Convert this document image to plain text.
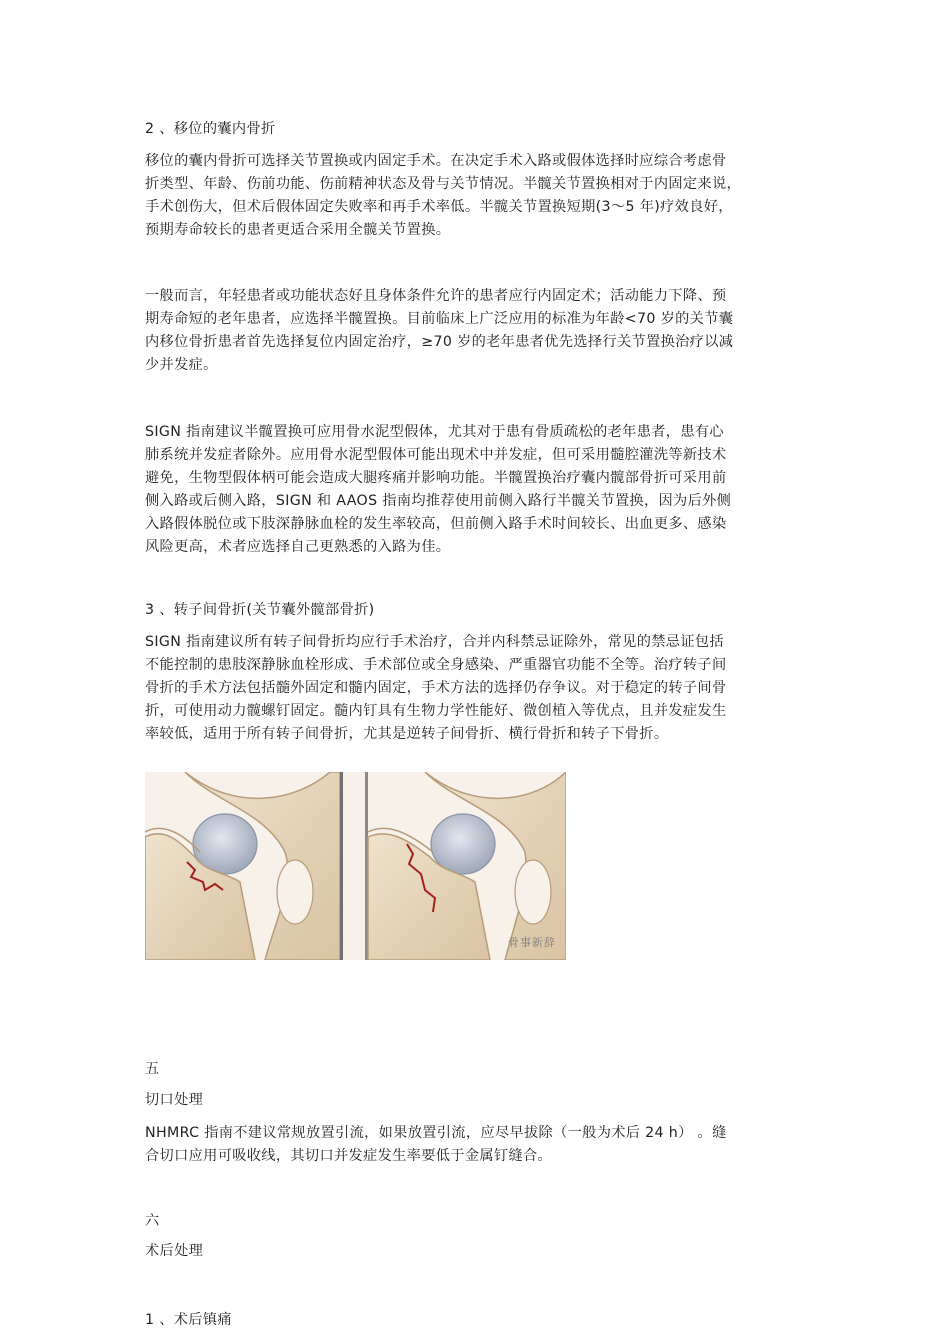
2 、移位的囊内骨折
移位的囊内骨折可选择关节置换或内固定手术。在决定手术入路或假体选择时应综合考虑骨
折类型、年龄、伤前功能、伤前精神状态及骨与关节情况。半髋关节置换相对于内固定来说，
手术创伤大，但术后假体固定失败率和再手术率低。半髋关节置换短期(3～5 年)疗效良好，
预期寿命较长的患者更适合采用全髋关节置换。
一般而言，年轻患者或功能状态好且身体条件允许的患者应行内固定术；活动能力下降、预
期寿命短的老年患者，应选择半髋置换。目前临床上广泛应用的标准为年龄<70 岁的关节囊
内移位骨折患者首先选择复位内固定治疗，≥70 岁的老年患者优先选择行关节置换治疗以减
少并发症。
SIGN 指南建议半髋置换可应用骨水泥型假体，尤其对于患有骨质疏松的老年患者，患有心
肺系统并发症者除外。应用骨水泥型假体可能出现术中并发症，但可采用髓腔灌洗等新技术
避免，生物型假体柄可能会造成大腿疼痛并影响功能。半髋置换治疗囊内髋部骨折可采用前
侧入路或后侧入路，SIGN 和 AAOS 指南均推荐使用前侧入路行半髋关节置换，因为后外侧
入路假体脱位或下肢深静脉血栓的发生率较高，但前侧入路手术时间较长、出血更多、感染
风险更高，术者应选择自己更熟悉的入路为佳。
3 、转子间骨折(关节囊外髋部骨折)
SIGN 指南建议所有转子间骨折均应行手术治疗，合并内科禁忌证除外，常见的禁忌证包括
不能控制的患肢深静脉血栓形成、手术部位或全身感染、严重器官功能不全等。治疗转子间
骨折的手术方法包括髓外固定和髓内固定，手术方法的选择仍存争议。对于稳定的转子间骨
折，可使用动力髋螺钉固定。髓内钉具有生物力学性能好、微创植入等优点，且并发症发生
率较低，适用于所有转子间骨折，尤其是逆转子间骨折、横行骨折和转子下骨折。
骨事新辞
五
切口处理
NHMRC 指南不建议常规放置引流，如果放置引流，应尽早拔除（一般为术后 24 h） 。缝
合切口应用可吸收线，其切口并发症发生率要低于金属钉缝合。
六
术后处理
1 、术后镇痛
